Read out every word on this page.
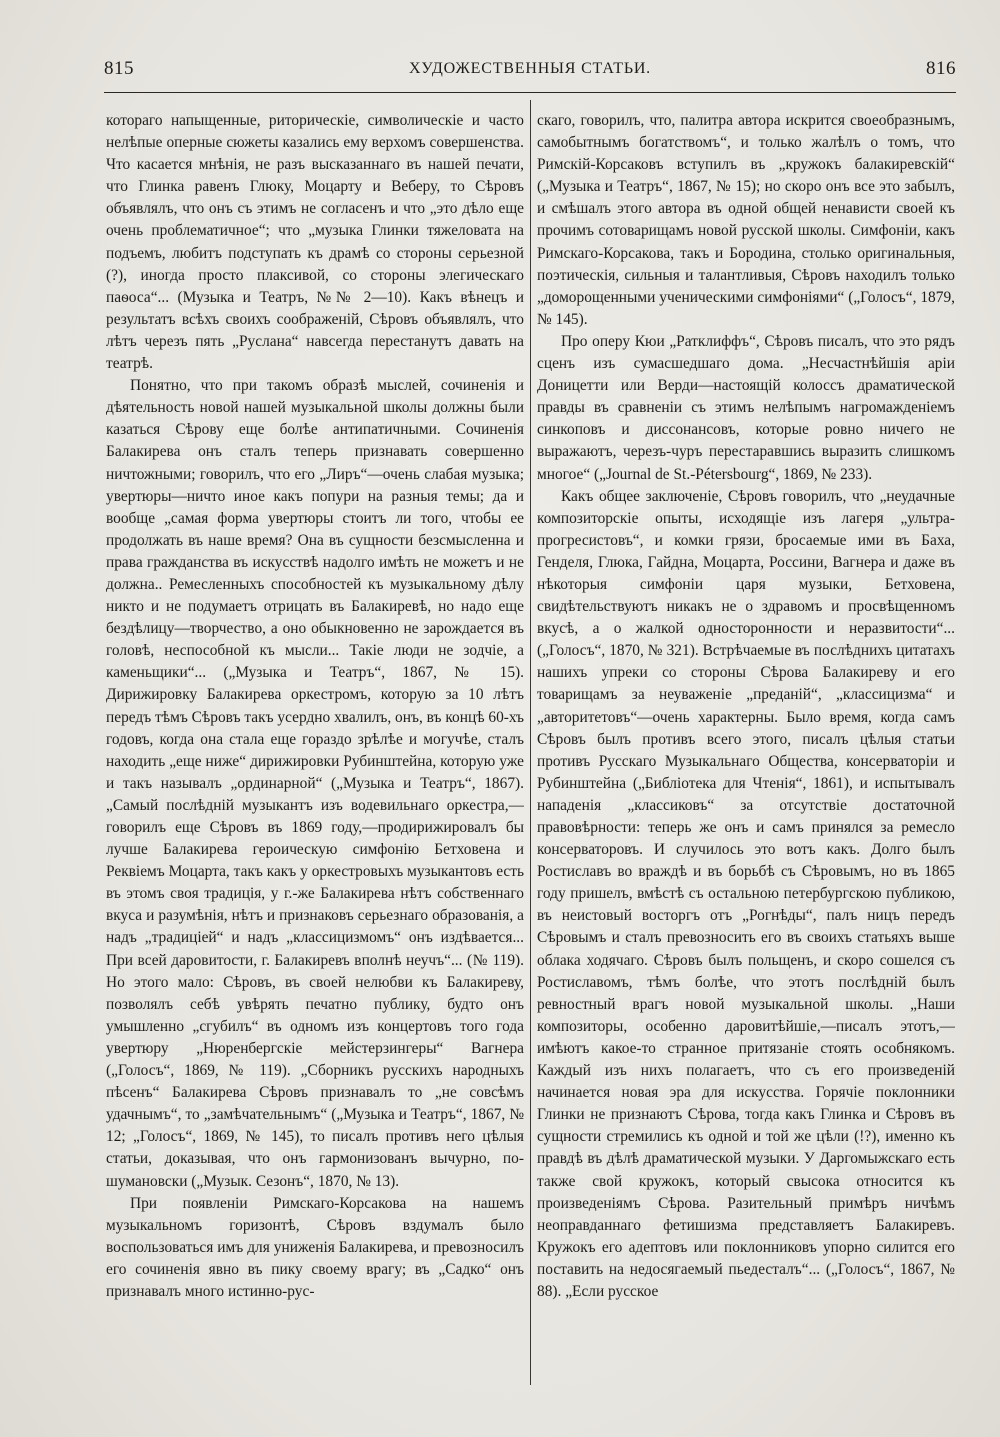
815	ХУДОЖЕСТВЕННЫЯ СТАТЬИ.	816

котораго напыщенные, риторическiе, символическiе и часто нелѣпые оперные сюжеты казались ему верхомъ совершенства. Что касается мнѣнiя, не разъ высказаннаго въ нашей печати, что Глинка равенъ Глюку, Моцарту и Веберу, то Сѣровъ объявлялъ, что онъ съ этимъ не согласенъ и что „это дѣло еще очень проблематичное“; что „музыка Глинки тяжеловата на подъемъ, любитъ подступать къ драмѣ со стороны серьезной (?), иногда просто плаксивой, со стороны элегическаго паѳоса“... (Музыка и Театръ, №№ 2—10). Какъ вѣнецъ и результатъ всѣхъ своихъ соображенiй, Сѣровъ объявлялъ, что лѣтъ черезъ пять „Руслана“ навсегда перестанутъ давать на театрѣ.

Понятно, что при такомъ образѣ мыслей, сочиненiя и дѣятельность новой нашей музыкальной школы должны были казаться Сѣрову еще болѣе антипатичными. Сочиненiя Балакирева онъ сталъ теперь признавать совершенно ничтожными; говорилъ, что его „Лиръ“—очень слабая музыка; увертюры—ничто иное какъ попури на разныя темы; да и вообще „самая форма увертюры стоитъ ли того, чтобы ее продолжать въ наше время? Она въ сущности безсмысленна и права гражданства въ искусствѣ надолго имѣть не можетъ и не должна.. Ремесленныхъ способностей къ музыкальному дѣлу никто и не подумаетъ отрицать въ Балакиревѣ, но надо еще бездѣлицу—творчество, а оно обыкновенно не зарождается въ головѣ, неспособной къ мысли... Такiе люди не зодчiе, а каменьщики“... („Музыка и Театръ“, 1867, № 15). Дирижировку Балакирева оркестромъ, которую за 10 лѣтъ передъ тѣмъ Сѣровъ такъ усердно хвалилъ, онъ, въ концѣ 60-хъ годовъ, когда она стала еще гораздо зрѣлѣе и могучѣе, сталъ находить „еще ниже“ дирижировки Рубинштейна, которую уже и такъ называлъ „ординарной“ („Музыка и Театръ“, 1867). „Самый послѣднiй музыкантъ изъ водевильнаго оркестра,—говорилъ еще Сѣровъ въ 1869 году,—продирижировалъ бы лучше Балакирева героическую симфонiю Бетховена и Реквiемъ Моцарта, такъ какъ у оркестровыхъ музыкантовъ есть въ этомъ своя традицiя, у г.-же Балакирева нѣтъ собственнаго вкуса и разумѣнiя, нѣтъ и признаковъ серьезнаго образованiя, а надъ „традицiей“ и надъ „классицизмомъ“ онъ издѣвается... При всей даровитости, г. Балакиревъ вполнѣ неучъ“... (№ 119). Но этого мало: Сѣровъ, въ своей нелюбви къ Балакиреву, позволялъ себѣ увѣрять печатно публику, будто онъ умышленно „сгубилъ“ въ одномъ изъ концертовъ того года увертюру „Нюренбергскiе мейстерзингеры“ Вагнера („Голосъ“, 1869, № 119). „Сборникъ русскихъ народныхъ пѣсенъ“ Балакирева Сѣровъ признавалъ то „не совсѣмъ удачнымъ“, то „замѣчательнымъ“ („Музыка и Театръ“, 1867, № 12; „Голосъ“, 1869, № 145), то писалъ противъ него цѣлыя статьи, доказывая, что онъ гармонизованъ вычурно, по-шумановски („Музык. Сезонъ“, 1870, № 13).

При появленiи Римскаго-Корсакова на нашемъ музыкальномъ горизонтѣ, Сѣровъ вздумалъ было воспользоваться имъ для униженiя Балакирева, и превозносилъ его сочиненiя явно въ пику своему врагу; въ „Садко“ онъ признавалъ много истинно-рус-

скаго, говорилъ, что, палитра автора искрится своеобразнымъ, самобытнымъ богатствомъ“, и только жалѣлъ о томъ, что Римскiй-Корсаковъ вступилъ въ „кружокъ балакиревскiй“ („Музыка и Театръ“, 1867, № 15); но скоро онъ все это забылъ, и смѣшалъ этого автора въ одной общей ненависти своей къ прочимъ сотоварищамъ новой русской школы. Симфонiи, какъ Римскаго-Корсакова, такъ и Бородина, столько оригинальныя, поэтическiя, сильныя и талантливыя, Сѣровъ находилъ только „доморощенными ученическими симфонiями“ („Голосъ“, 1879, № 145).

Про оперу Кюи „Ратклиффъ“, Сѣровъ писалъ, что это рядъ сценъ изъ сумасшедшаго дома. „Несчастнѣйшiя арiи Доницетти или Верди—настоящiй колоссъ драматической правды въ сравненiи съ этимъ нелѣпымъ нагромажденiемъ синкоповъ и диссонансовъ, которые ровно ничего не выражаютъ, черезъ-чуръ перестаравшись выразить слишкомъ многое“ („Journal de St.-Pétersbourg“, 1869, № 233).

Какъ общее заключенiе, Сѣровъ говорилъ, что „неудачные композиторскiе опыты, исходящiе изъ лагеря „ультра-прогресистовъ“, и комки грязи, бросаемые ими въ Баха, Генделя, Глюка, Гайдна, Моцарта, Россини, Вагнера и даже въ нѣкоторыя симфонiи царя музыки, Бетховена, свидѣтельствуютъ никакъ не о здравомъ и просвѣщенномъ вкусѣ, а о жалкой односторонности и неразвитости“... („Голосъ“, 1870, № 321). Встрѣчаемые въ послѣднихъ цитатахъ нашихъ упреки со стороны Сѣрова Балакиреву и его товарищамъ за неуваженiе „преданiй“, „классицизма“ и „авторитетовъ“—очень характерны. Было время, когда самъ Сѣровъ былъ противъ всего этого, писалъ цѣлыя статьи противъ Русскаго Музыкальнаго Общества, консерваторiи и Рубинштейна („Библiотека для Чтенiя“, 1861), и испытывалъ нападенiя „классиковъ“ за отсутствiе достаточной правовѣрности: теперь же онъ и самъ принялся за ремесло консерваторовъ. И случилось это вотъ какъ. Долго былъ Ростиславъ во враждѣ и въ борьбѣ съ Сѣровымъ, но въ 1865 году пришелъ, вмѣстѣ съ остальною петербургскою публикою, въ неистовый восторгъ отъ „Рогнѣды“, палъ ницъ передъ Сѣровымъ и сталъ превозносить его въ своихъ статьяхъ выше облака ходячаго. Сѣровъ былъ польщенъ, и скоро сошелся съ Ростиславомъ, тѣмъ болѣе, что этотъ послѣднiй былъ ревностный врагъ новой музыкальной школы. „Наши композиторы, особенно даровитѣйшiе,—писалъ этотъ,—имѣютъ какое-то странное притязанiе стоять особнякомъ. Каждый изъ нихъ полагаетъ, что съ его произведенiй начинается новая эра для искусства. Горячiе поклонники Глинки не признаютъ Сѣрова, тогда какъ Глинка и Сѣровъ въ сущности стремились къ одной и той же цѣли (!?), именно къ правдѣ въ дѣлѣ драматической музыки. У Даргомыжскаго есть также свой кружокъ, который свысока относится къ произведенiямъ Сѣрова. Разительный примѣръ ничѣмъ неоправданнаго фетишизма представляетъ Балакиревъ. Кружокъ его адептовъ или поклонниковъ упорно силится его поставить на недосягаемый пьедесталъ“... („Голосъ“, 1867, № 88). „Если русское
